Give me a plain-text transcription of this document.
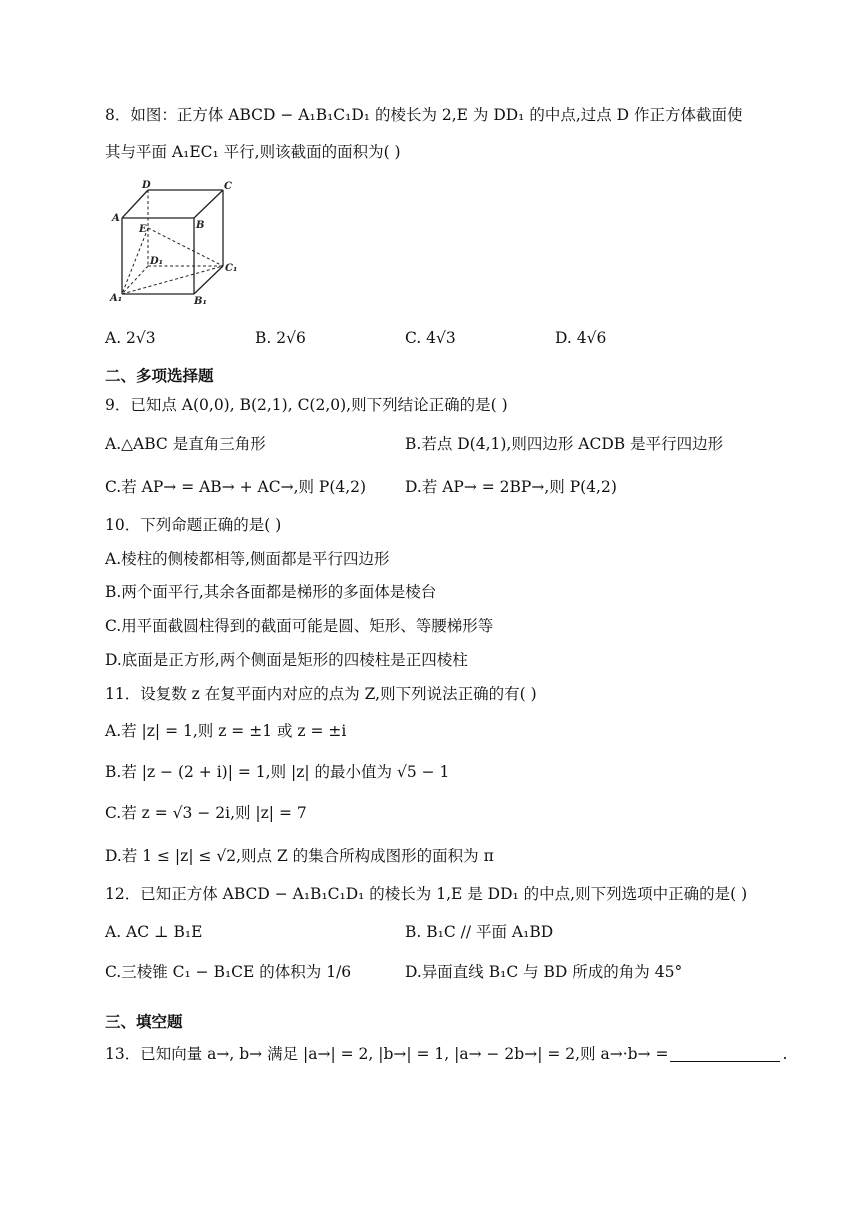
8．如图：正方体 ABCD − A₁B₁C₁D₁ 的棱长为 2,E 为 DD₁ 的中点,过点 D 作正方体截面使
其与平面 A₁EC₁ 平行,则该截面的面积为( )
D	C
A
B
E
D₁
C₁
A₁	B₁
A. 2√3	B. 2√6	C. 4√3	D. 4√6
二、多项选择题
9．已知点 A(0,0), B(2,1), C(2,0),则下列结论正确的是( )
A.△ABC 是直角三角形	B.若点 D(4,1),则四边形 ACDB 是平行四边形
C.若 AP→ = AB→ + AC→,则 P(4,2)	D.若 AP→ = 2BP→,则 P(4,2)
10．下列命题正确的是( )
A.棱柱的侧棱都相等,侧面都是平行四边形
B.两个面平行,其余各面都是梯形的多面体是棱台
C.用平面截圆柱得到的截面可能是圆、矩形、等腰梯形等
D.底面是正方形,两个侧面是矩形的四棱柱是正四棱柱
11．设复数 z 在复平面内对应的点为 Z,则下列说法正确的有( )
A.若 |z| = 1,则 z = ±1 或 z = ±i
B.若 |z − (2 + i)| = 1,则 |z| 的最小值为 √5 − 1
C.若 z = √3 − 2i,则 |z| = 7
D.若 1 ≤ |z| ≤ √2,则点 Z 的集合所构成图形的面积为 π
12．已知正方体 ABCD − A₁B₁C₁D₁ 的棱长为 1,E 是 DD₁ 的中点,则下列选项中正确的是( )
A. AC ⊥ B₁E	B. B₁C // 平面 A₁BD
C.三棱锥 C₁ − B₁CE 的体积为 1/6	D.异面直线 B₁C 与 BD 所成的角为 45°
三、填空题
13．已知向量 a→, b→ 满足 |a→| = 2, |b→| = 1, |a→ − 2b→| = 2,则 a→·b→ =	.
